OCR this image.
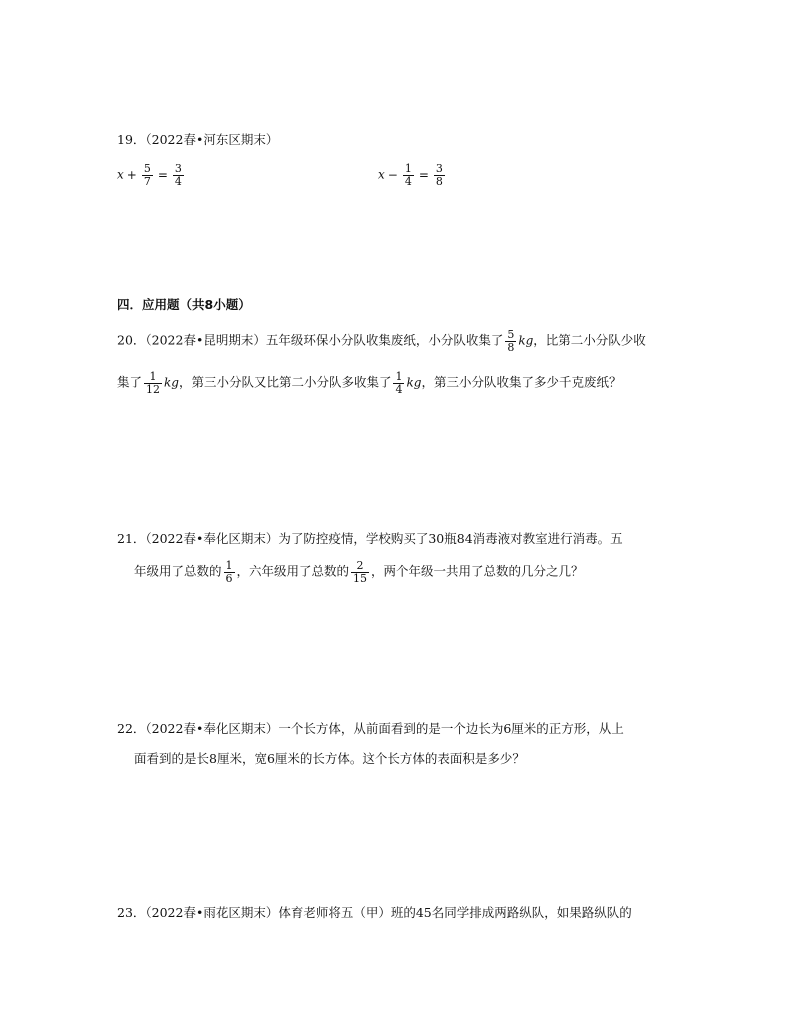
19．（2022春•河东区期末）
$x + \frac{5}{7} = \frac{3}{4}$	$x - \frac{1}{4} = \frac{3}{8}$
四．应用题（共8小题）
20．（2022春•昆明期末）五年级环保小分队收集废纸，小分队收集了 $\frac{5}{8}$ kg，比第二小分队少收
集了 $\frac{1}{12}$ kg，第三小分队又比第二小分队多收集了 $\frac{1}{4}$ kg，第三小分队收集了多少千克废纸？
21．（2022春•奉化区期末）为了防控疫情，学校购买了30瓶84消毒液对教室进行消毒。五
年级用了总数的 $\frac{1}{6}$ ，六年级用了总数的 $\frac{2}{15}$ ，两个年级一共用了总数的几分之几？
22．（2022春•奉化区期末）一个长方体，从前面看到的是一个边长为6厘米的正方形，从上
面看到的是长8厘米，宽6厘米的长方体。这个长方体的表面积是多少？
23．（2022春•雨花区期末）体育老师将五（甲）班的45名同学排成两路纵队，如果路纵队的
